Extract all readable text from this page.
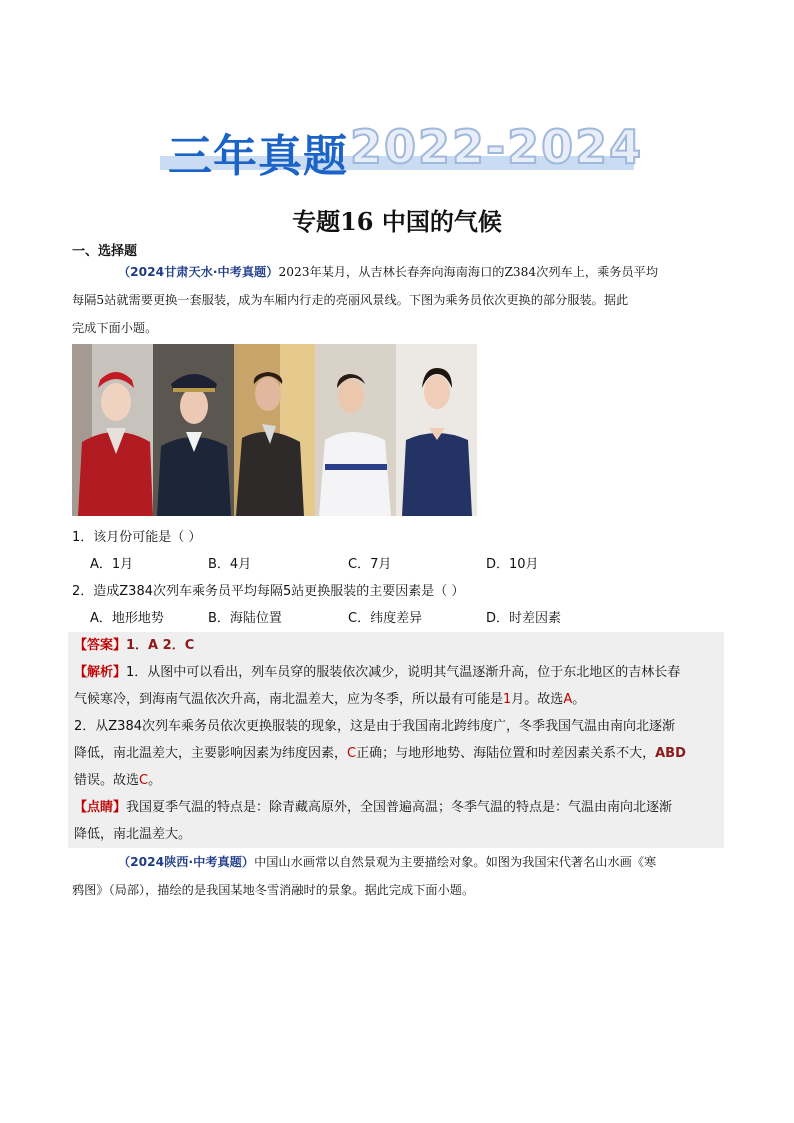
三年真题 2022-2024
专题16 中国的气候
一、选择题
（2024甘肃天水·中考真题）2023年某月，从吉林长春奔向海南海口的Z384次列车上，乘务员平均
每隔5站就需要更换一套服装，成为车厢内行走的亮丽风景线。下图为乘务员依次更换的部分服装。据此
完成下面小题。
1．该月份可能是（ ）
A．1月	B．4月	C．7月	D．10月
2．造成Z384次列车乘务员平均每隔5站更换服装的主要因素是（ ）
A．地形地势	B．海陆位置	C．纬度差异	D．时差因素
【答案】1．A 2．C
【解析】1．从图中可以看出，列车员穿的服装依次减少，说明其气温逐渐升高，位于东北地区的吉林长春
气候寒冷，到海南气温依次升高，南北温差大，应为冬季，所以最有可能是1月。故选A。
2．从Z384次列车乘务员依次更换服装的现象，这是由于我国南北跨纬度广，冬季我国气温由南向北逐渐
降低，南北温差大，主要影响因素为纬度因素，C正确；与地形地势、海陆位置和时差因素关系不大，ABD
错误。故选C。
【点睛】我国夏季气温的特点是：除青藏高原外，全国普遍高温；冬季气温的特点是：气温由南向北逐渐
降低，南北温差大。
（2024陕西·中考真题）中国山水画常以自然景观为主要描绘对象。如图为我国宋代著名山水画《寒
鸦图》（局部），描绘的是我国某地冬雪消融时的景象。据此完成下面小题。
